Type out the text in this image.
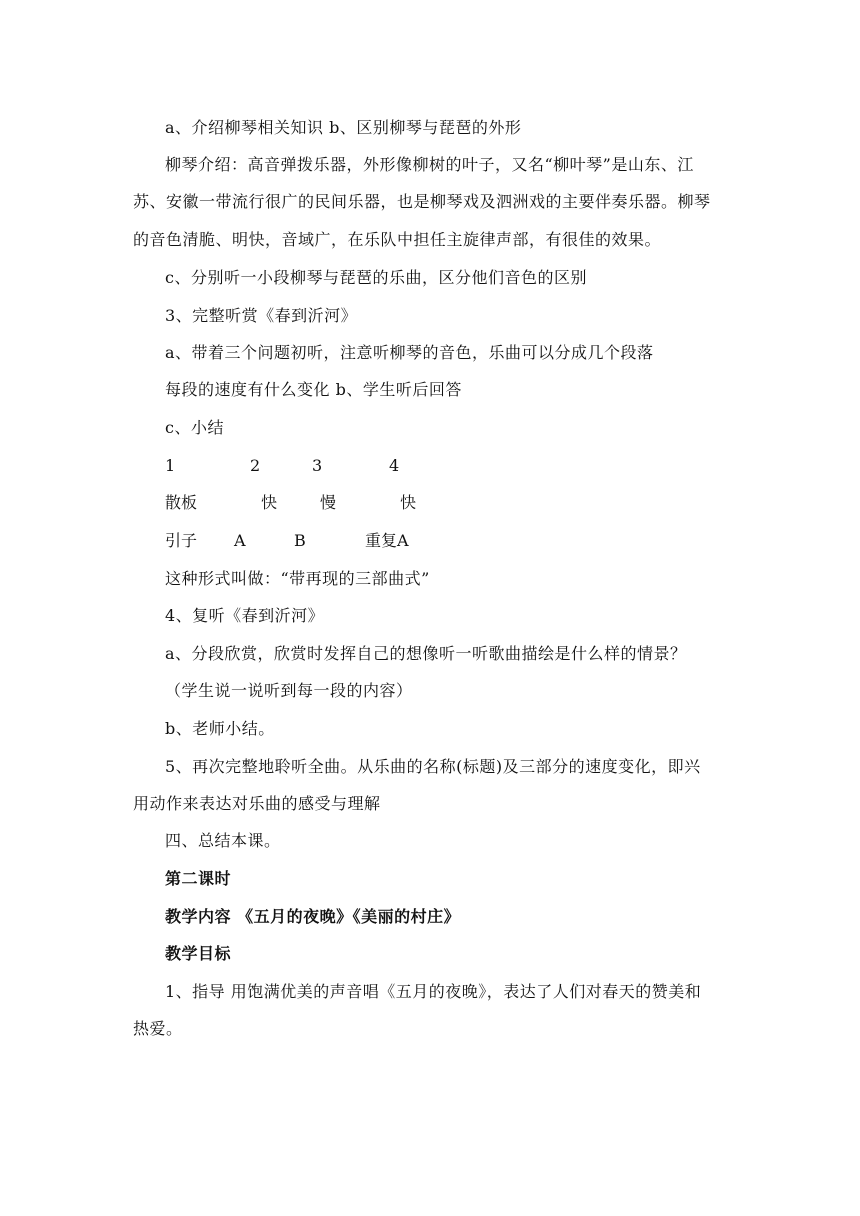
a、介绍柳琴相关知识 b、区别柳琴与琵琶的外形
柳琴介绍：高音弹拨乐器，外形像柳树的叶子，又名“柳叶琴”是山东、江
苏、安徽一带流行很广的民间乐器，也是柳琴戏及泗洲戏的主要伴奏乐器。柳琴
的音色清脆、明快，音域广，在乐队中担任主旋律声部，有很佳的效果。
c、分别听一小段柳琴与琵琶的乐曲，区分他们音色的区别
3、完整听赏《春到沂河》
a、带着三个问题初听，注意听柳琴的音色，乐曲可以分成几个段落
每段的速度有什么变化 b、学生听后回答
c、小结
1	2	3	4
散板	快	慢	快
引子 A	B	重复A
这种形式叫做：“带再现的三部曲式”
4、复听《春到沂河》
a、分段欣赏，欣赏时发挥自己的想像听一听歌曲描绘是什么样的情景？
（学生说一说听到每一段的内容）
b、老师小结。
5、再次完整地聆听全曲。从乐曲的名称(标题)及三部分的速度变化，即兴
用动作来表达对乐曲的感受与理解
四、总结本课。
第二课时
教学内容 《五月的夜晚》《美丽的村庄》
教学目标
1、指导 用饱满优美的声音唱《五月的夜晚》，表达了人们对春天的赞美和
热爱。
